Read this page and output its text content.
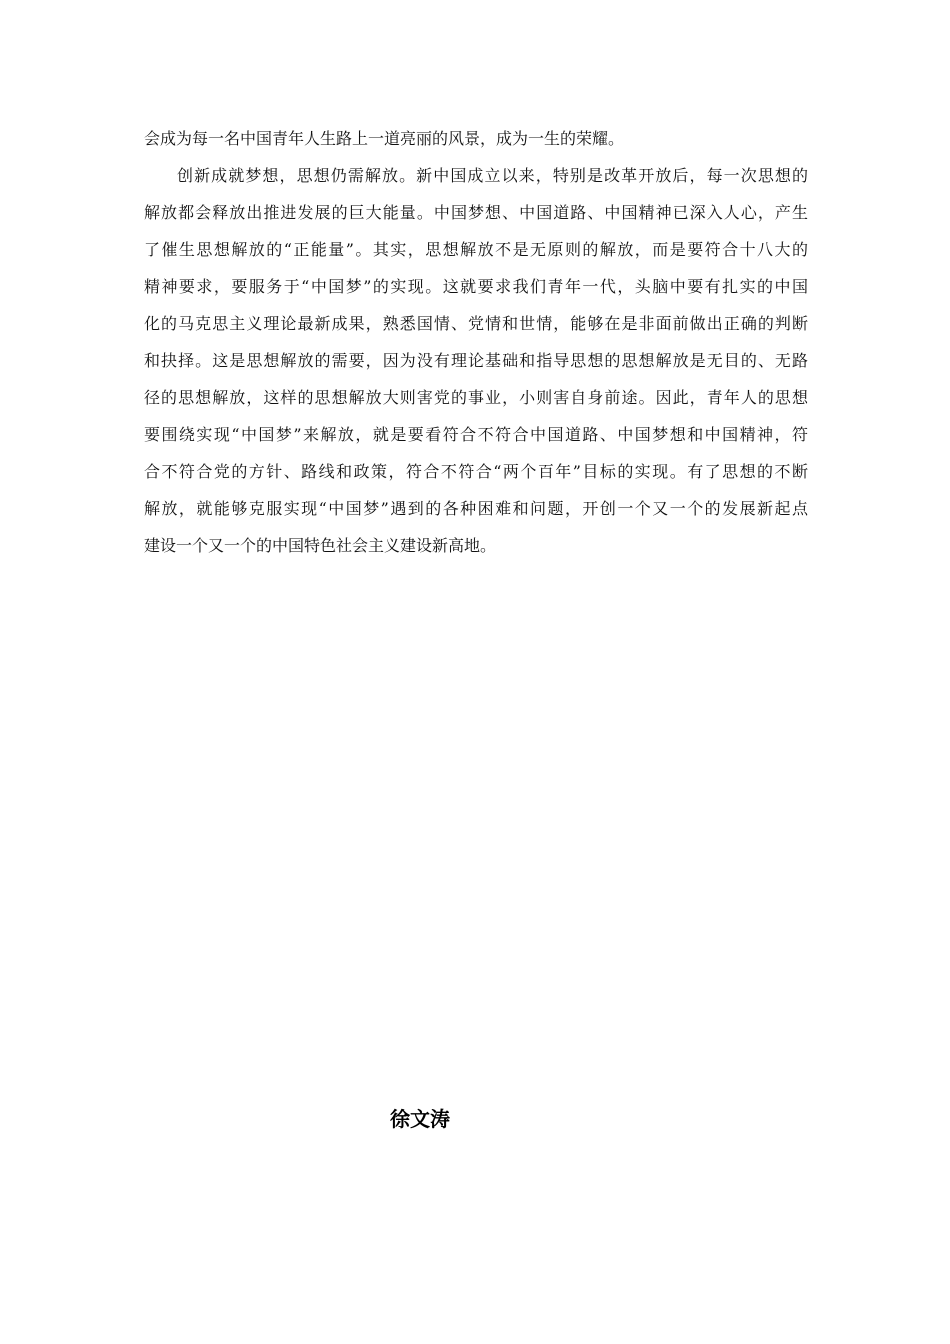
会成为每一名中国青年人生路上一道亮丽的风景，成为一生的荣耀。
创新成就梦想，思想仍需解放。新中国成立以来，特别是改革开放后，每一次思想的
解放都会释放出推进发展的巨大能量。中国梦想、中国道路、中国精神已深入人心，产生
了催生思想解放的“正能量”。其实，思想解放不是无原则的解放，而是要符合十八大的
精神要求，要服务于“中国梦”的实现。这就要求我们青年一代，头脑中要有扎实的中国
化的马克思主义理论最新成果，熟悉国情、党情和世情，能够在是非面前做出正确的判断
和抉择。这是思想解放的需要，因为没有理论基础和指导思想的思想解放是无目的、无路
径的思想解放，这样的思想解放大则害党的事业，小则害自身前途。因此，青年人的思想
要围绕实现“中国梦”来解放，就是要看符合不符合中国道路、中国梦想和中国精神，符
合不符合党的方针、路线和政策，符合不符合“两个百年”目标的实现。有了思想的不断
解放，就能够克服实现“中国梦”遇到的各种困难和问题，开创一个又一个的发展新起点
建设一个又一个的中国特色社会主义建设新高地。
徐文涛
